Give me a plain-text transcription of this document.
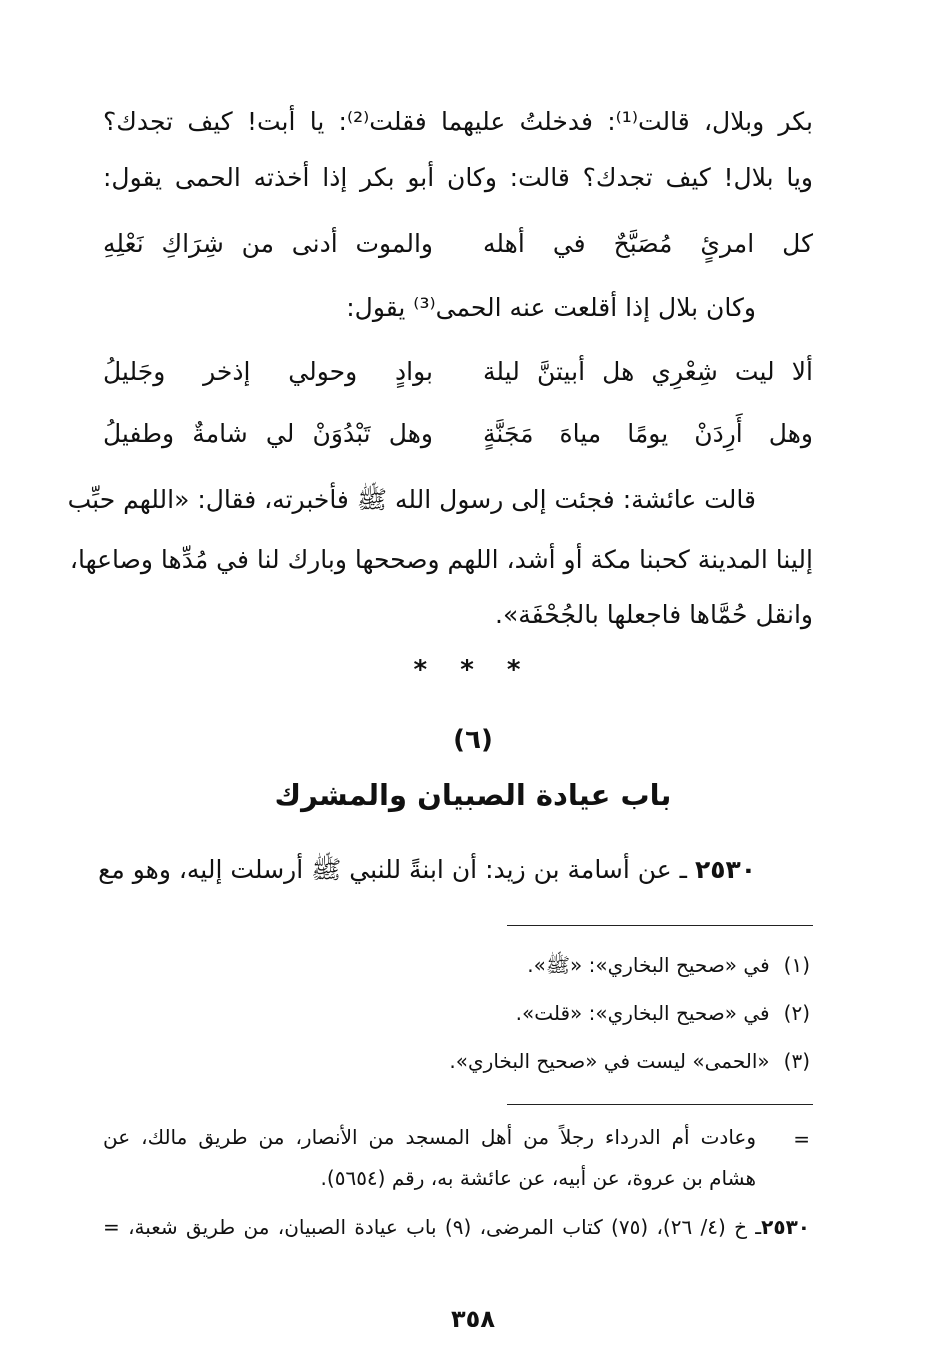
بكر وبلال، قالت⁽¹⁾: فدخلتُ عليهما فقلت⁽²⁾: يا أبت! كيف تجدك؟
ويا بلال! كيف تجدك؟ قالت: وكان أبو بكر إذا أخذته الحمى يقول:
كل امرئٍ مُصَبَّحٌ في أهله
والموت أدنى من شِرَاكِ نَعْلِهِ
وكان بلال إذا أقلعت عنه الحمى⁽³⁾ يقول:
ألا ليت شِعْرِي هل أبيتنَّ ليلة
بوادٍ وحولي إذخر وجَليلُ
وهل أَرِدَنْ يومًا مياهَ مَجَنَّةٍ
وهل تَبْدُوَنْ لي شامةٌ وطفيلُ
قالت عائشة: فجئت إلى رسول الله ﷺ فأخبرته، فقال: «اللهم حبِّب
إلينا المدينة كحبنا مكة أو أشد، اللهم وصححها وبارك لنا في مُدِّها وصاعها،
وانقل حُمَّاها فاجعلها بالجُحْفَة».
* * *
(٦)
باب عيادة الصبيان والمشرك
٢٥٣٠ ـ عن أسامة بن زيد: أن ابنةً للنبي ﷺ أرسلت إليه، وهو مع
(١)في «صحيح البخاري»: «ﷺ».
(٢)في «صحيح البخاري»: «قلت».
(٣)«الحمى» ليست في «صحيح البخاري».
=
وعادت أم الدرداء رجلاً من أهل المسجد من الأنصار، من طريق مالك، عن
هشام بن عروة، عن أبيه، عن عائشة به، رقم (٥٦٥٤).
٢٥٣٠ـ خ (٤/ ٢٦)، (٧٥) كتاب المرضى، (٩) باب عيادة الصبيان، من طريق شعبة، =
٣٥٨
